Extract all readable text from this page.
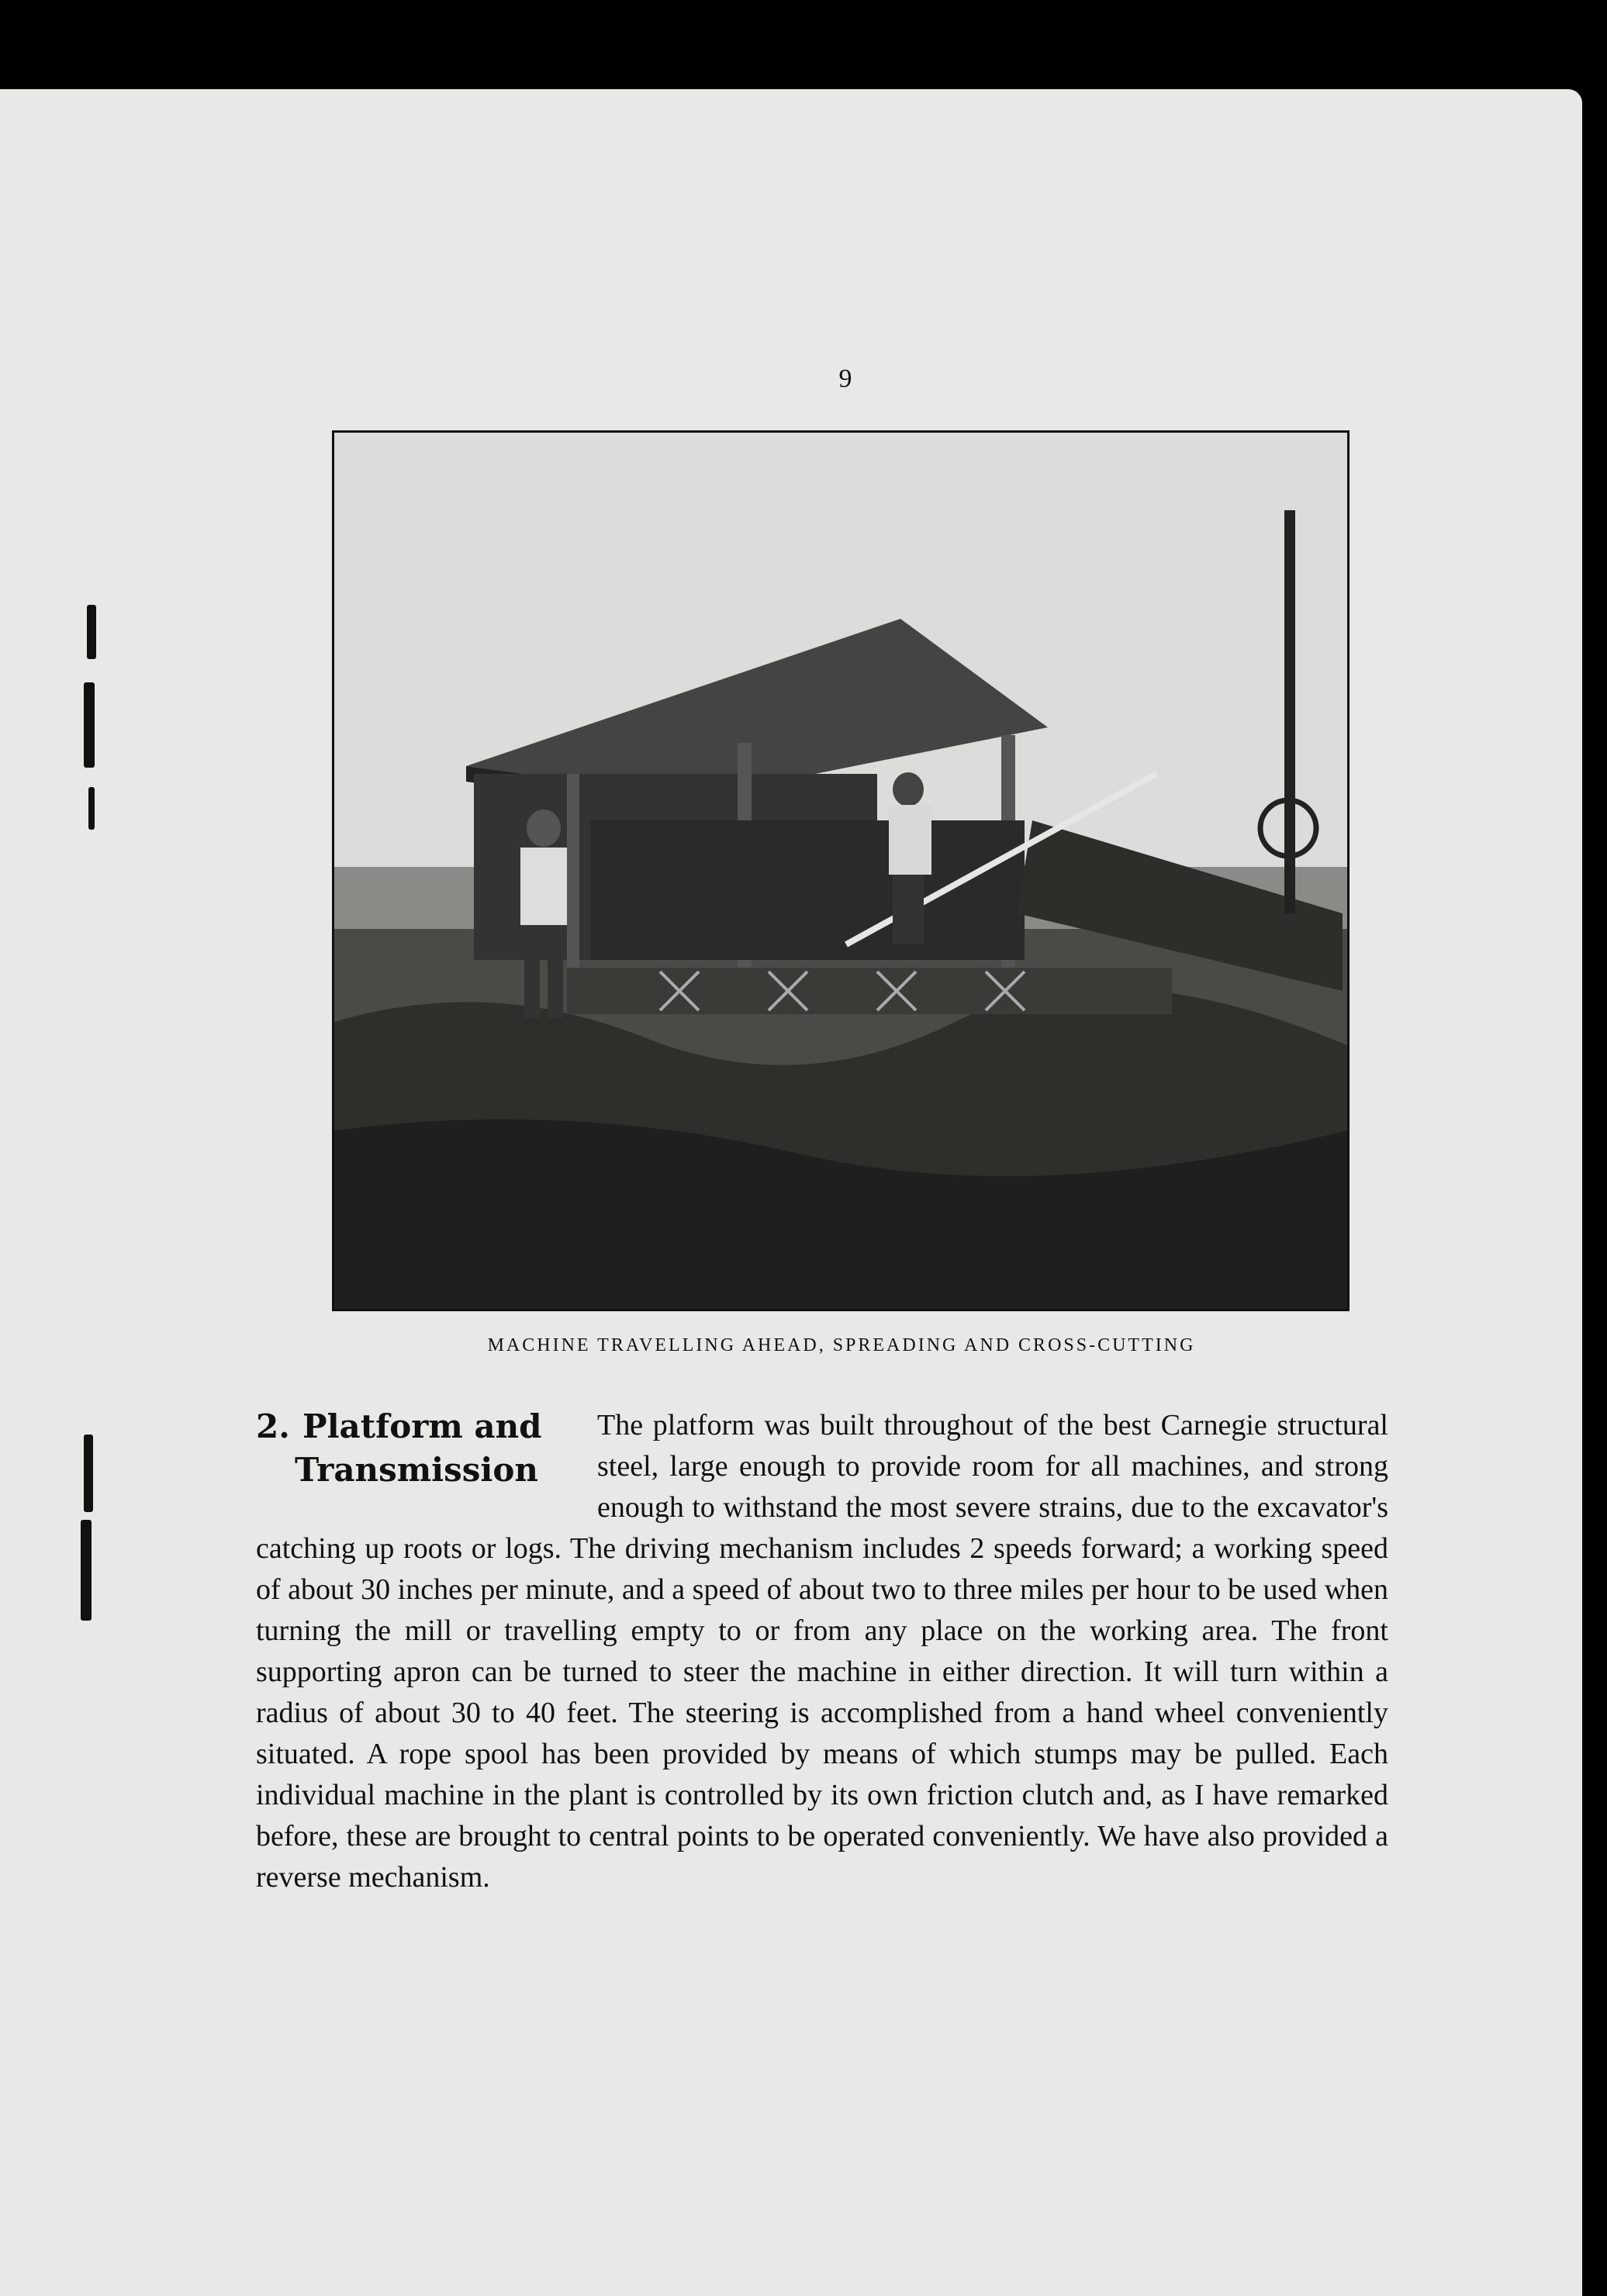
9
MACHINE TRAVELLING AHEAD, SPREADING AND CROSS-CUTTING

The platform was built throughout of the best Carnegie structural steel, large enough to provide room for all machines, and strong enough to withstand the most severe strains, due to the excavator's catching up roots or logs. The driving mechanism includes 2 speeds forward; a working speed of about 30 inches per minute, and a speed of about two to three miles per hour to be used when turning the mill or travelling empty to or from any place on the working area. The front supporting apron can be turned to steer the machine in either direction. It will turn within a radius of about 30 to 40 feet. The steering is accomplished from a hand wheel conveniently situated. A rope spool has been provided by means of which stumps may be pulled. Each individual machine in the plant is controlled by its own friction clutch and, as I have remarked before, these are brought to central points to be operated conveniently. We have also provided a reverse mechanism.

2. Platform and
Transmission
